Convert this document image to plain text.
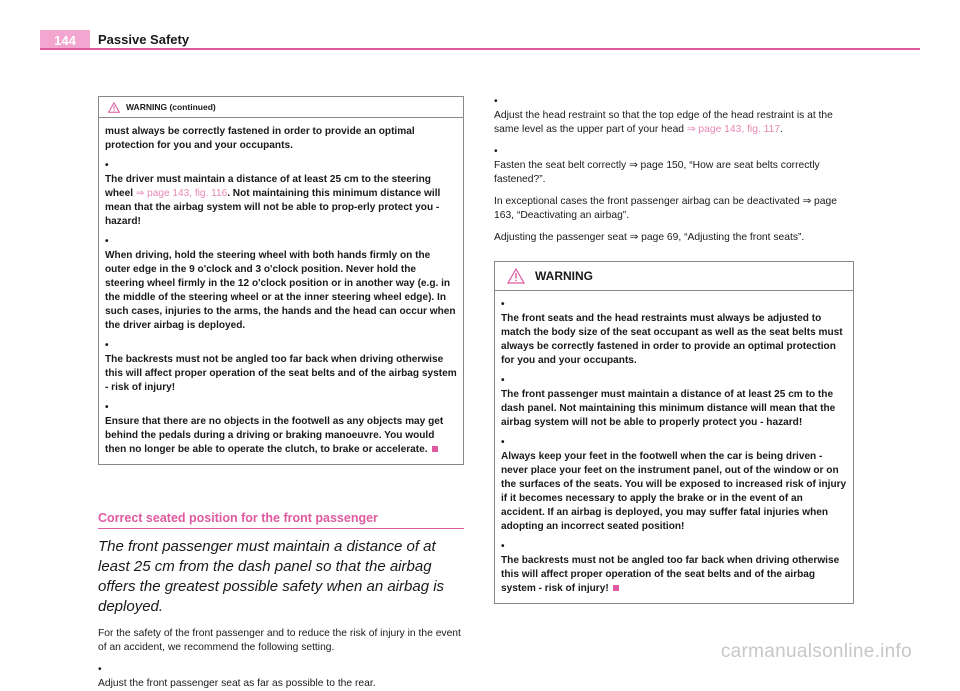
144	Passive Safety
WARNING (continued)

must always be correctly fastened in order to provide an optimal protection for you and your occupants.

•
The driver must maintain a distance of at least 25 cm to the steering wheel ⇒ page 143, fig. 116. Not maintaining this minimum distance will mean that the airbag system will not be able to prop-erly protect you - hazard!

•
When driving, hold the steering wheel with both hands firmly on the outer edge in the 9 o'clock and 3 o'clock position. Never hold the steering wheel firmly in the 12 o'clock position or in another way (e.g. in the middle of the steering wheel or at the inner steering wheel edge). In such cases, injuries to the arms, the hands and the head can occur when the driver airbag is deployed.

•
The backrests must not be angled too far back when driving otherwise this will affect proper operation of the seat belts and of the airbag system - risk of injury!

•
Ensure that there are no objects in the footwell as any objects may get behind the pedals during a driving or braking manoeuvre. You would then no longer be able to operate the clutch, to brake or accelerate.

Correct seated position for the front passenger
The front passenger must maintain a distance of at least 25 cm from the dash panel so that the airbag offers the greatest possible safety when an airbag is deployed.

For the safety of the front passenger and to reduce the risk of injury in the event of an accident, we recommend the following setting.

•
Adjust the front passenger seat as far as possible to the rear.

•
Adjust the head restraint so that the top edge of the head restraint is at the same level as the upper part of your head ⇒ page 143, fig. 117.

•
Fasten the seat belt correctly ⇒ page 150, “How are seat belts correctly fastened?”.

In exceptional cases the front passenger airbag can be deactivated ⇒ page 163, “Deactivating an airbag”.

Adjusting the passenger seat ⇒ page 69, “Adjusting the front seats”.

WARNING

•
The front seats and the head restraints must always be adjusted to match the body size of the seat occupant as well as the seat belts must always be correctly fastened in order to provide an optimal protection for you and your occupants.

•
The front passenger must maintain a distance of at least 25 cm to the dash panel. Not maintaining this minimum distance will mean that the airbag system will not be able to properly protect you - hazard!

•
Always keep your feet in the footwell when the car is being driven - never place your feet on the instrument panel, out of the window or on the surfaces of the seats. You will be exposed to increased risk of injury if it becomes necessary to apply the brake or in the event of an accident. If an airbag is deployed, you may suffer fatal injuries when adopting an incorrect seated position!

•
The backrests must not be angled too far back when driving otherwise this will affect proper operation of the seat belts and of the airbag system - risk of injury!

carmanualsonline.info
